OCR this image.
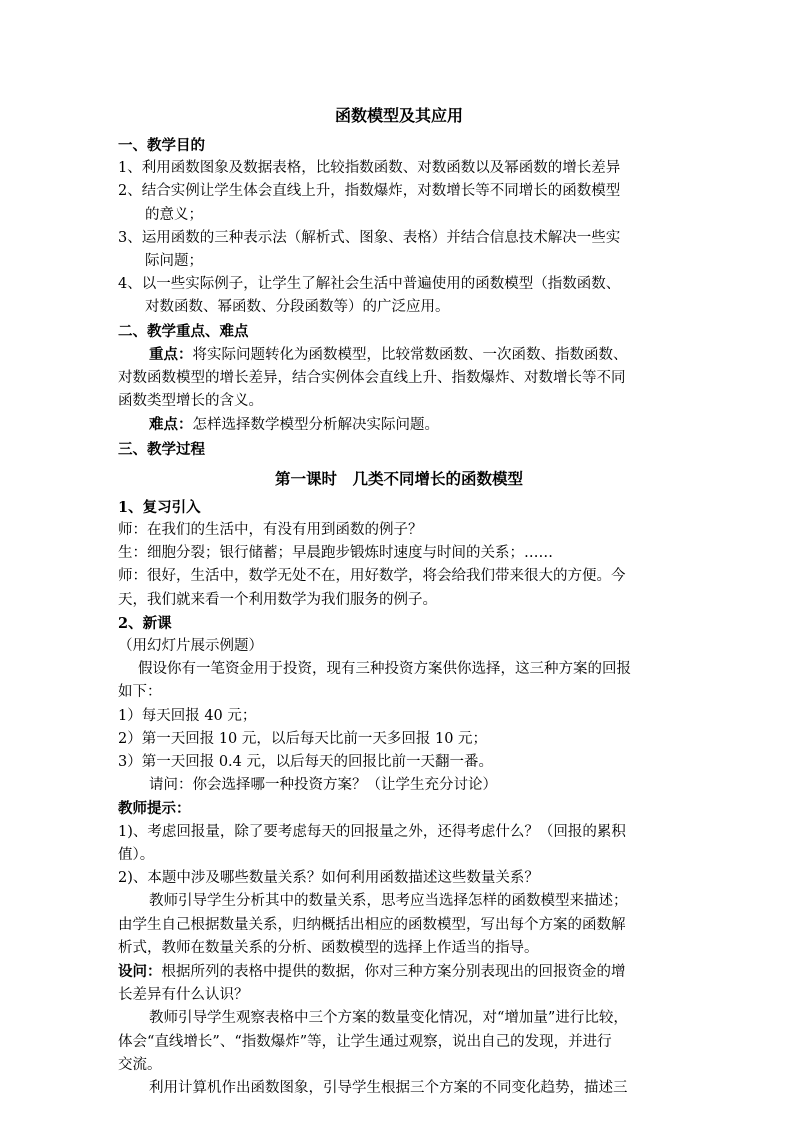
函数模型及其应用
一、教学目的
1、利用函数图象及数据表格，比较指数函数、对数函数以及幂函数的增长差异
2、结合实例让学生体会直线上升，指数爆炸，对数增长等不同增长的函数模型
的意义；
3、运用函数的三种表示法（解析式、图象、表格）并结合信息技术解决一些实
际问题；
4、以一些实际例子，让学生了解社会生活中普遍使用的函数模型（指数函数、
对数函数、幂函数、分段函数等）的广泛应用。
二、教学重点、难点
重点：将实际问题转化为函数模型，比较常数函数、一次函数、指数函数、
对数函数模型的增长差异，结合实例体会直线上升、指数爆炸、对数增长等不同
函数类型增长的含义。
难点：怎样选择数学模型分析解决实际问题。
三、教学过程
第一课时　几类不同增长的函数模型
1、复习引入
师：在我们的生活中，有没有用到函数的例子？
生：细胞分裂；银行储蓄；早晨跑步锻炼时速度与时间的关系；……
师：很好，生活中，数学无处不在，用好数学，将会给我们带来很大的方便。今
天，我们就来看一个利用数学为我们服务的例子。
2、新课
（用幻灯片展示例题）
假设你有一笔资金用于投资，现有三种投资方案供你选择，这三种方案的回报
如下：
1）每天回报 40 元；
2）第一天回报 10 元，以后每天比前一天多回报 10 元；
3）第一天回报 0.4 元，以后每天的回报比前一天翻一番。
请问：你会选择哪一种投资方案？（让学生充分讨论）
教师提示：
1)、考虑回报量，除了要考虑每天的回报量之外，还得考虑什么？（回报的累积
值）。
2)、本题中涉及哪些数量关系？如何利用函数描述这些数量关系？
教师引导学生分析其中的数量关系，思考应当选择怎样的函数模型来描述；
由学生自己根据数量关系，归纳概括出相应的函数模型，写出每个方案的函数解
析式，教师在数量关系的分析、函数模型的选择上作适当的指导。
设问：根据所列的表格中提供的数据，你对三种方案分别表现出的回报资金的增
长差异有什么认识？
教师引导学生观察表格中三个方案的数量变化情况，对“增加量”进行比较，
体会“直线增长”、“指数爆炸”等，让学生通过观察，说出自己的发现，并进行
交流。
利用计算机作出函数图象，引导学生根据三个方案的不同变化趋势，描述三
